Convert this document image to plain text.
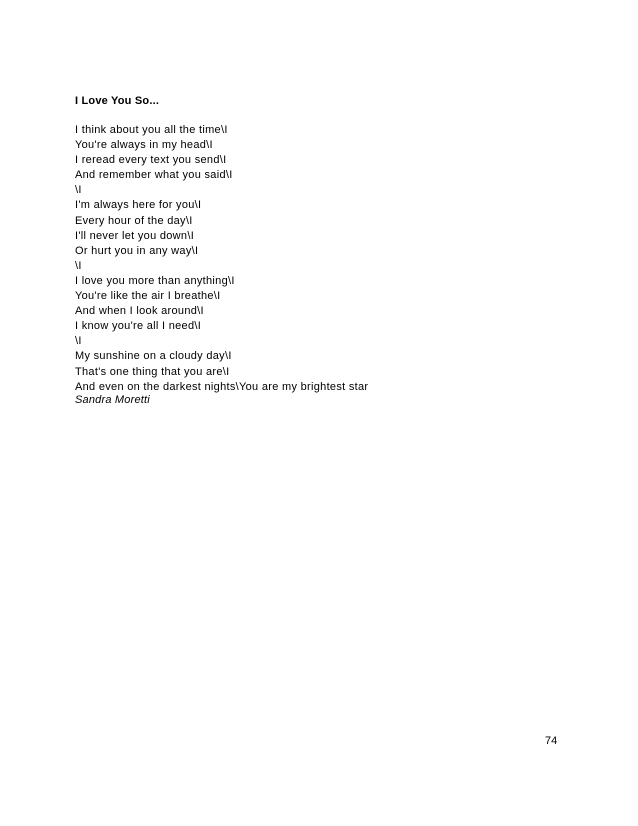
I Love You So...
I think about you all the time\I
You're always in my head\I
I reread every text you send\I
And remember what you said\I
\I
I'm always here for you\I
Every hour of the day\I
I'll never let you down\I
Or hurt you in any way\I
\I
I love you more than anything\I
You're like the air I breathe\I
And when I look around\I
I know you're all I need\I
\I
My sunshine on a cloudy day\I
That's one thing that you are\I
And even on the darkest nights\You are my brightest star
Sandra Moretti
74
